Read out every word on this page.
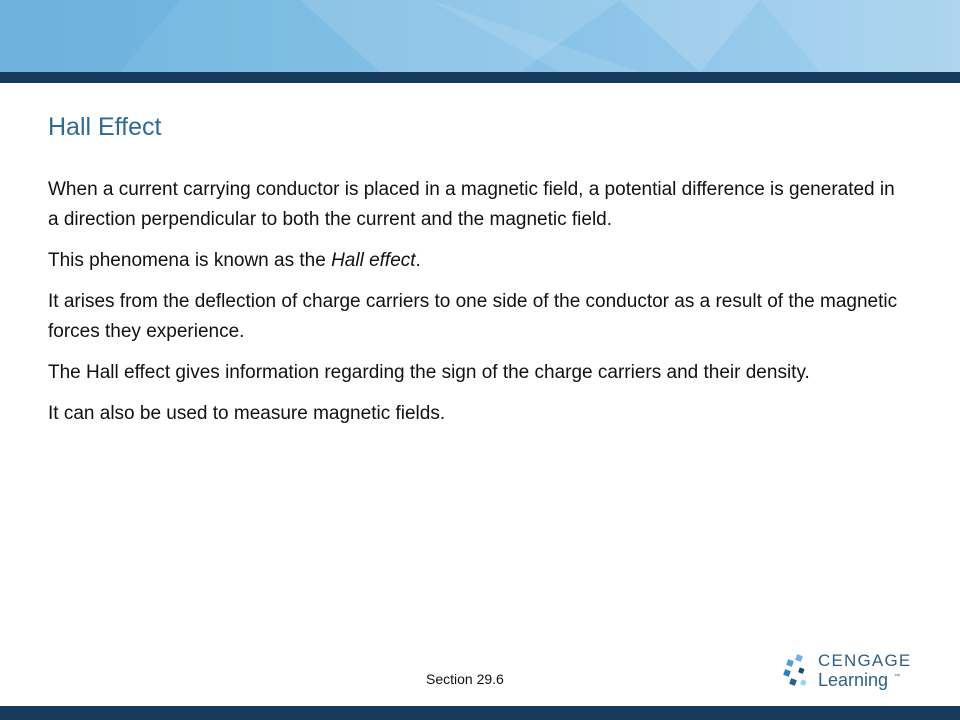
Hall Effect

When a current carrying conductor is placed in a magnetic field, a potential difference is generated in a direction perpendicular to both the current and the magnetic field.

This phenomena is known as the Hall effect.

It arises from the deflection of charge carriers to one side of the conductor as a result of the magnetic forces they experience.

The Hall effect gives information regarding the sign of the charge carriers and their density.

It can also be used to measure magnetic fields.

Section 29.6
CENGAGE
Learning ™
